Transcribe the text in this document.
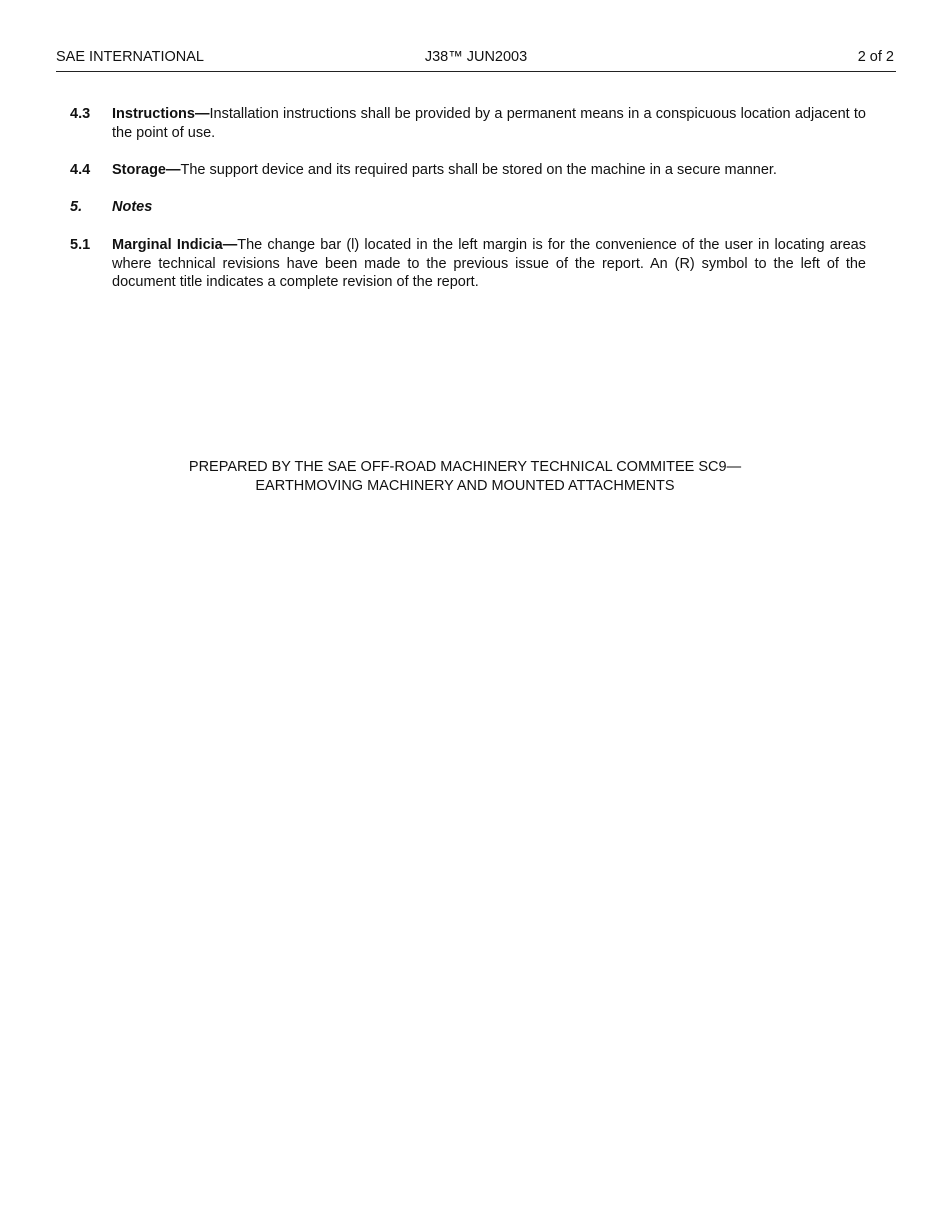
SAE INTERNATIONAL	J38™ JUN2003	2 of 2
4.3 Instructions—Installation instructions shall be provided by a permanent means in a conspicuous location adjacent to the point of use.
4.4 Storage—The support device and its required parts shall be stored on the machine in a secure manner.
5. Notes
5.1 Marginal Indicia—The change bar (l) located in the left margin is for the convenience of the user in locating areas where technical revisions have been made to the previous issue of the report. An (R) symbol to the left of the document title indicates a complete revision of the report.
PREPARED BY THE SAE OFF-ROAD MACHINERY TECHNICAL COMMITEE SC9—
EARTHMOVING MACHINERY AND MOUNTED ATTACHMENTS
